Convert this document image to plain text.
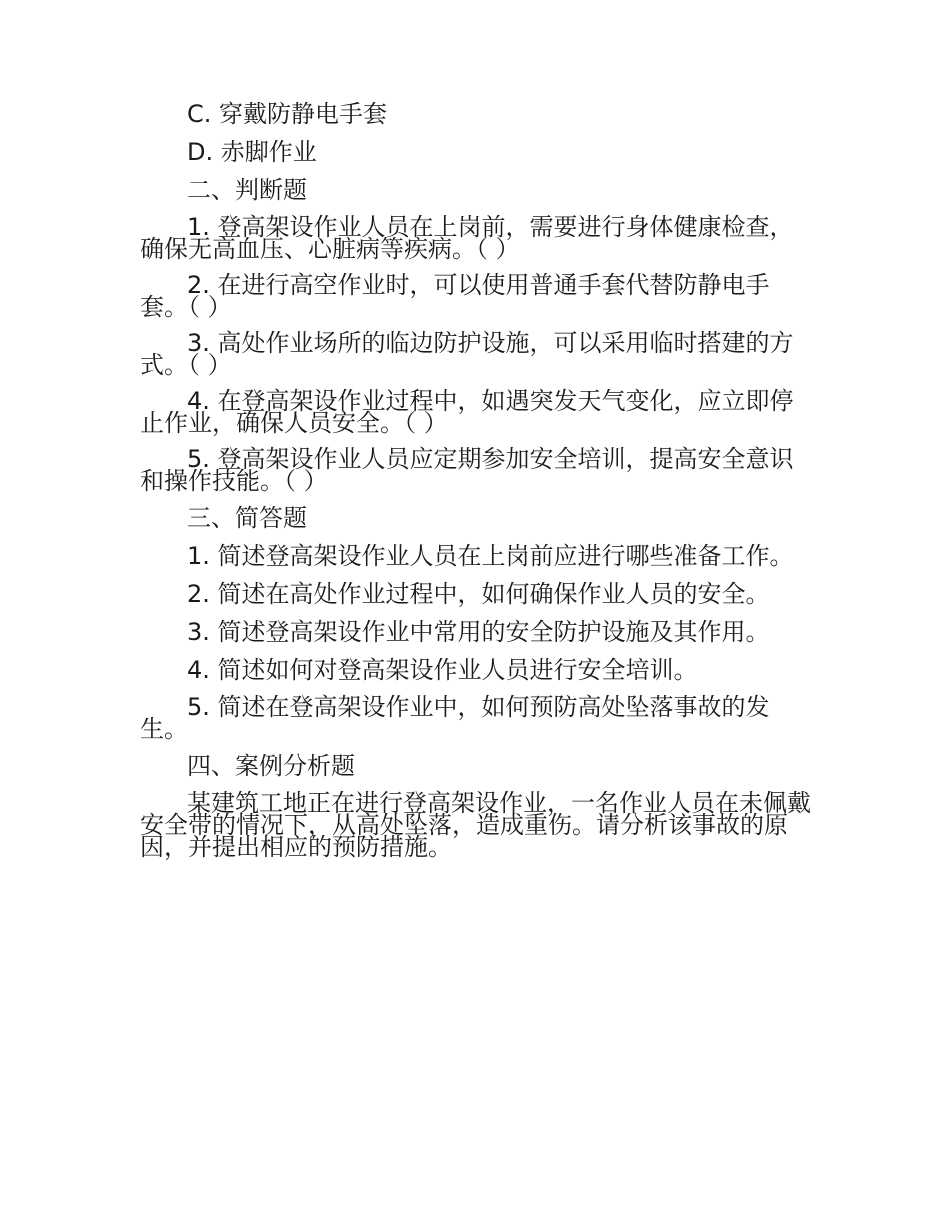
C. 穿戴防静电手套
D. 赤脚作业
二、判断题
1. 登高架设作业人员在上岗前，需要进行身体健康检查，确保无高血压、心脏病等疾病。（ ）
2. 在进行高空作业时，可以使用普通手套代替防静电手套。（ ）
3. 高处作业场所的临边防护设施，可以采用临时搭建的方式。（ ）
4. 在登高架设作业过程中，如遇突发天气变化，应立即停止作业，确保人员安全。（ ）
5. 登高架设作业人员应定期参加安全培训，提高安全意识和操作技能。（ ）
三、简答题
1. 简述登高架设作业人员在上岗前应进行哪些准备工作。
2. 简述在高处作业过程中，如何确保作业人员的安全。
3. 简述登高架设作业中常用的安全防护设施及其作用。
4. 简述如何对登高架设作业人员进行安全培训。
5. 简述在登高架设作业中，如何预防高处坠落事故的发生。
四、案例分析题
某建筑工地正在进行登高架设作业，一名作业人员在未佩戴安全带的情况下，从高处坠落，造成重伤。请分析该事故的原因，并提出相应的预防措施。
